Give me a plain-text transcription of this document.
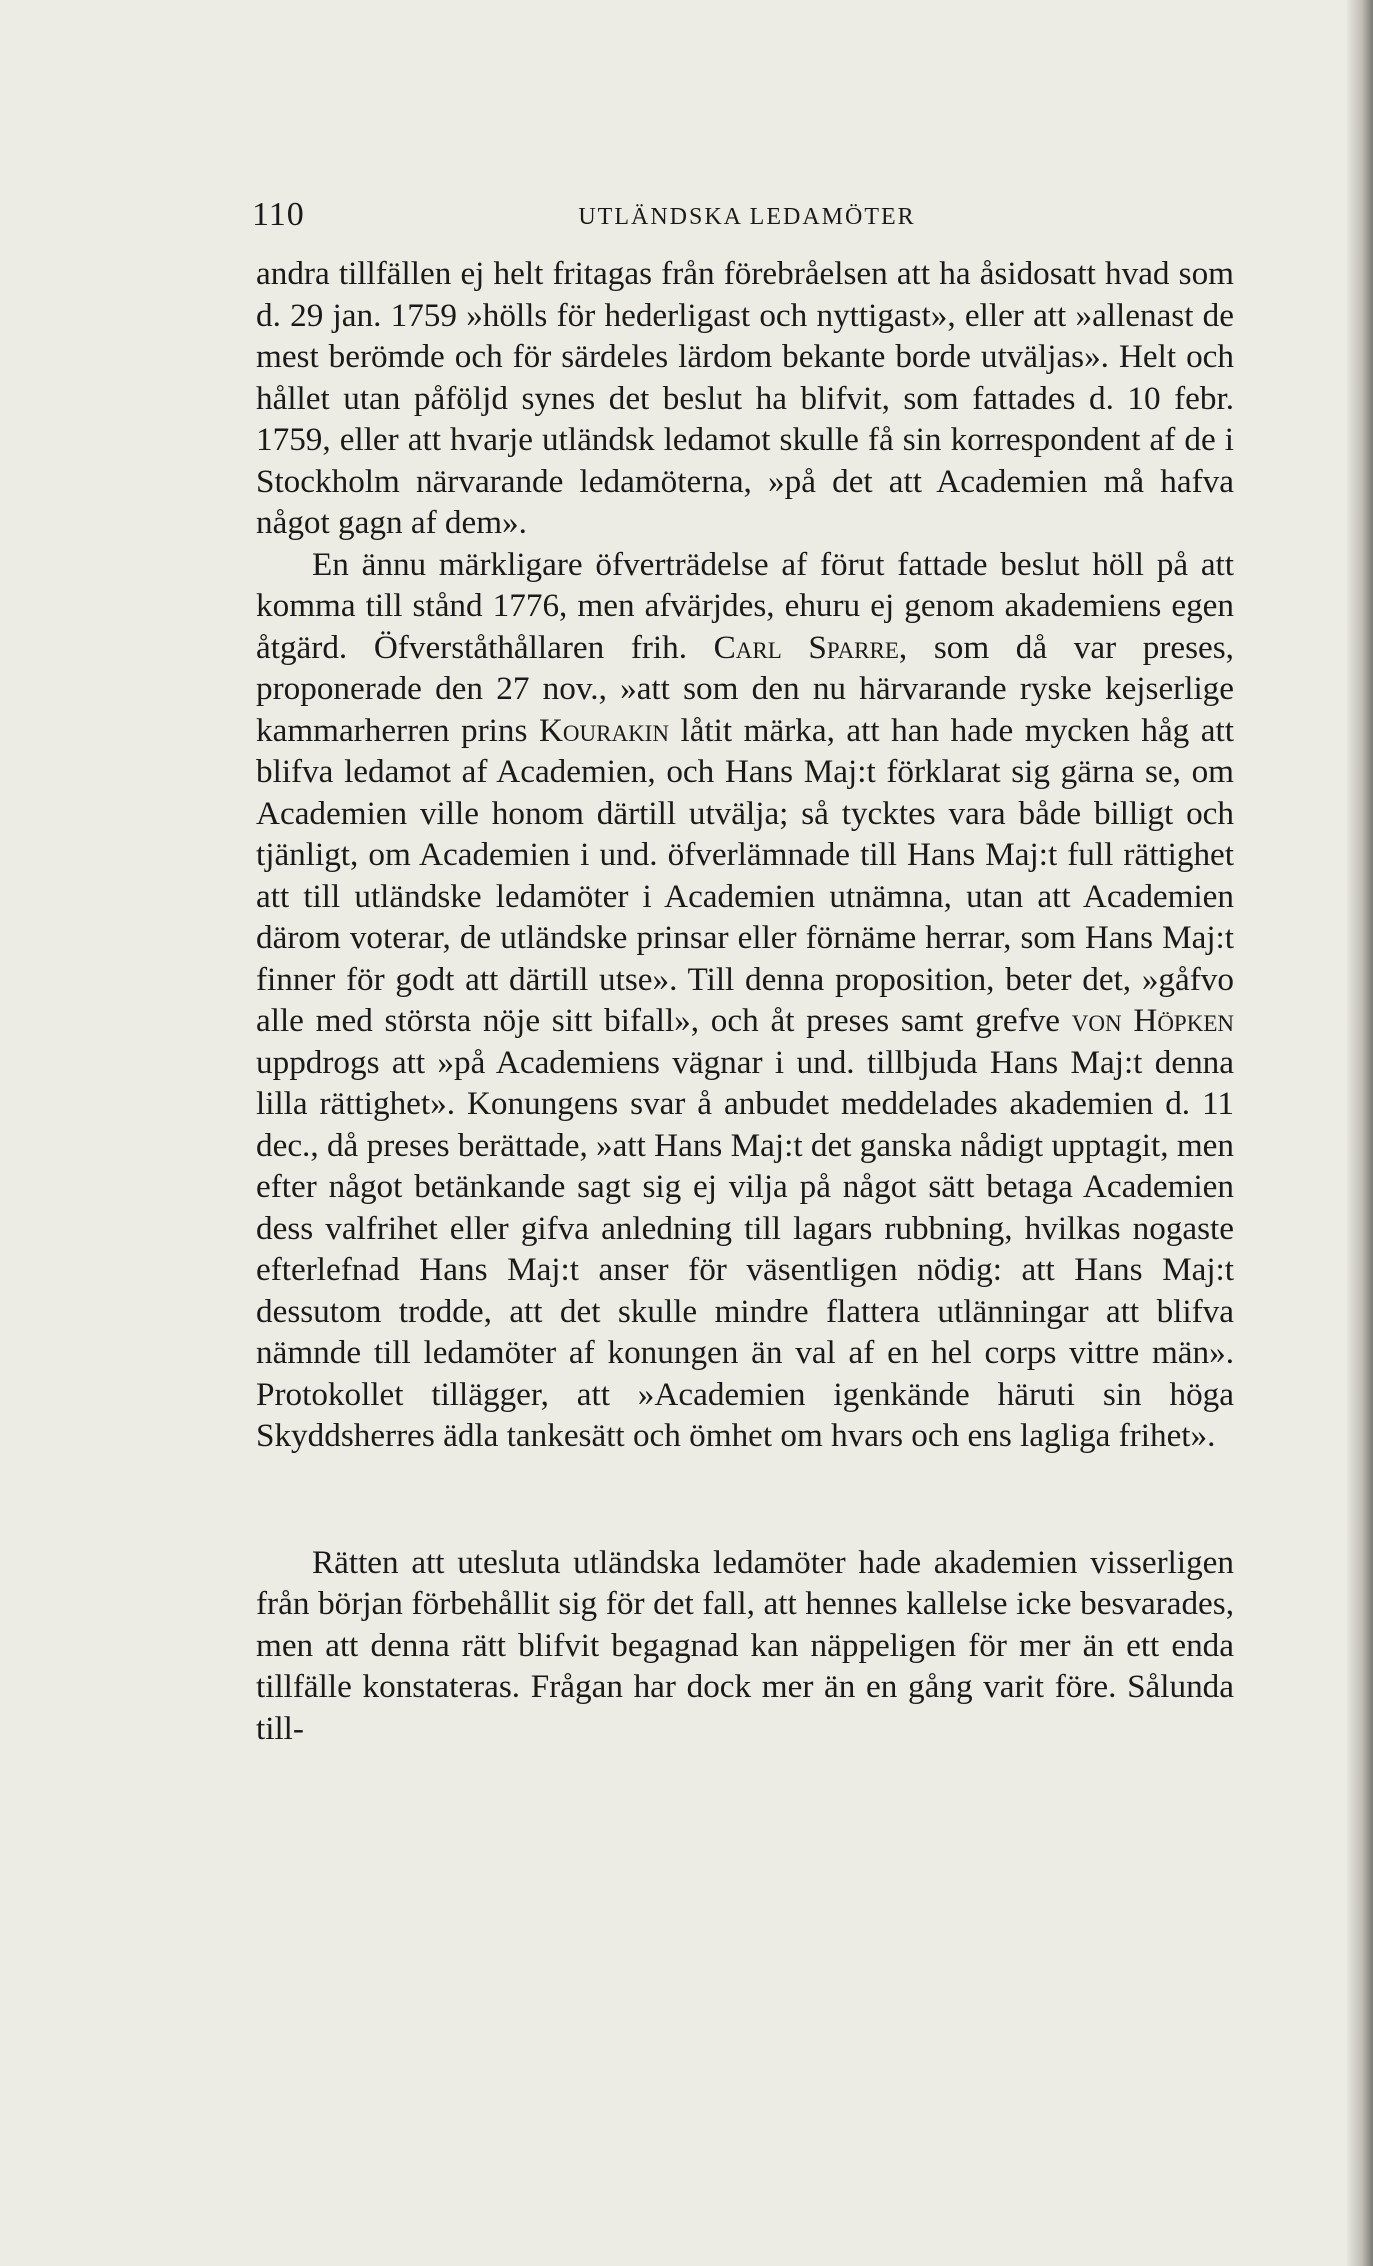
110	UTLÄNDSKA LEDAMÖTER

andra tillfällen ej helt fritagas från förebråelsen att ha åsidosatt hvad som d. 29 jan. 1759 »hölls för hederligast och nyttigast», eller att »allenast de mest berömde och för särdeles lärdom bekante borde utväljas». Helt och hållet utan påföljd synes det beslut ha blifvit, som fattades d. 10 febr. 1759, eller att hvarje utländsk ledamot skulle få sin korrespondent af de i Stockholm närvarande ledamöterna, »på det att Academien må hafva något gagn af dem».

En ännu märkligare öfverträdelse af förut fattade beslut höll på att komma till stånd 1776, men afvärjdes, ehuru ej genom akademiens egen åtgärd. Öfverståthållaren frih. Carl Sparre, som då var preses, proponerade den 27 nov., »att som den nu härvarande ryske kejserlige kammarherren prins Kourakin låtit märka, att han hade mycken håg att blifva ledamot af Academien, och Hans Maj:t förklarat sig gärna se, om Academien ville honom därtill utvälja; så tycktes vara både billigt och tjänligt, om Academien i und. öfverlämnade till Hans Maj:t full rättighet att till utländske ledamöter i Academien utnämna, utan att Academien därom voterar, de utländske prinsar eller förnäme herrar, som Hans Maj:t finner för godt att därtill utse». Till denna proposition, beter det, »gåfvo alle med största nöje sitt bifall», och åt preses samt grefve von Höpken uppdrogs att »på Academiens vägnar i und. tillbjuda Hans Maj:t denna lilla rättighet». Konungens svar å anbudet meddelades akademien d. 11 dec., då preses berättade, »att Hans Maj:t det ganska nådigt upptagit, men efter något betänkande sagt sig ej vilja på något sätt betaga Academien dess valfrihet eller gifva anledning till lagars rubbning, hvilkas nogaste efterlefnad Hans Maj:t anser för väsentligen nödig: att Hans Maj:t dessutom trodde, att det skulle mindre flattera utlänningar att blifva nämnde till ledamöter af konungen än val af en hel corps vittre män». Protokollet tillägger, att »Academien igenkände häruti sin höga Skyddsherres ädla tankesätt och ömhet om hvars och ens lagliga frihet».

Rätten att utesluta utländska ledamöter hade akademien visserligen från början förbehållit sig för det fall, att hennes kallelse icke besvarades, men att denna rätt blifvit begagnad kan näppeligen för mer än ett enda tillfälle konstateras. Frågan har dock mer än en gång varit före. Sålunda till-
